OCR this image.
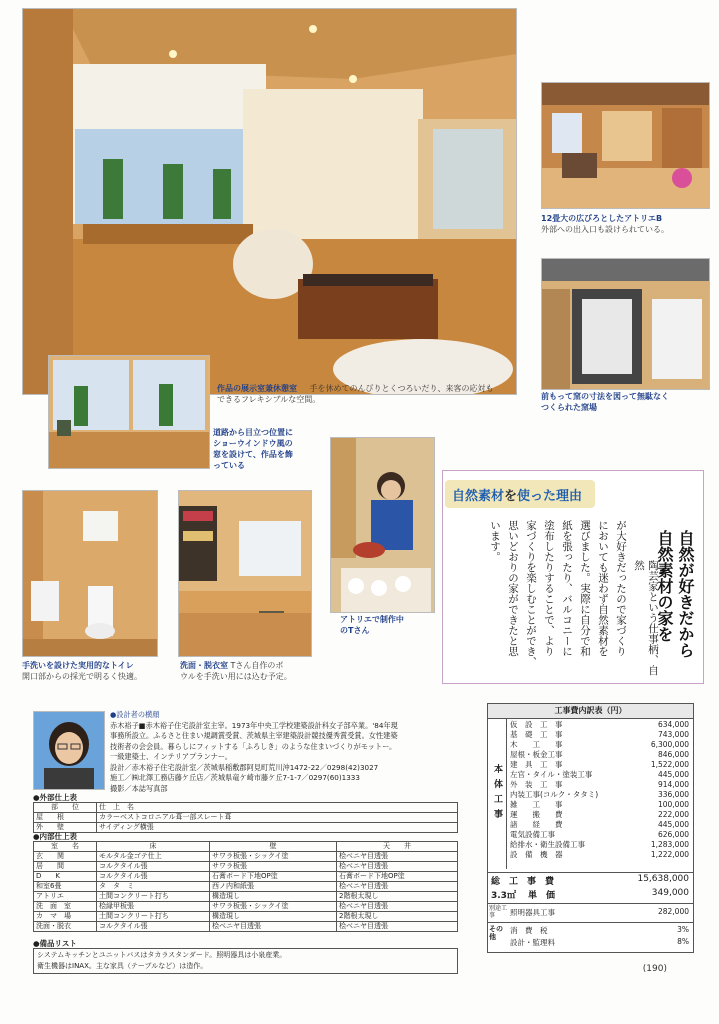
作品の展示室兼休憩室 手を休めてのんびりとくつろいだり、来客の応対も
できるフレキシブルな空間。
道路から目立つ位置に
ショーウインドウ風の
窓を設けて、作品を飾
っている
12畳大の広びろとしたアトリエB
外部への出入口も設けられている。
前もって窯の寸法を図って無駄なく
つくられた窯場
手洗いを設けた実用的なトイレ
開口部からの採光で明るく快適。
洗面・脱衣室 Tさん自作のボ
ウルを手洗い用には込む予定。
アトリエで制作中
のTさん
自然素材を使った理由
自然が好きだから
自然素材の家を
陶芸家という仕事柄、自然
が大好きだったので家づくり
においても迷わず自然素材を
選びました。実際に自分で和
紙を張ったり、バルコニーに
塗布したりすることで、より
家づくりを楽しむことができ、
思いどおりの家ができたと思
います。
●設計者の横顔
赤木裕子■赤木裕子住宅設計室主宰。1973年中央工学校建築設計科女子部卒業。'84年現
事務所設立。ふるさと住まい規調賞受賞、茨城県主宰建築設計競技優秀賞受賞。女性建築
技術者の会会員。暮らしにフィットする「ふろしき」のような住まいづくりがモットー。
一級建築士、インテリアプランナー。
設計／赤木裕子住宅設計室／茨城県稲敷郡阿見町荒川沖1472-22／0298(42)3027
施工／㈱北澤工務店藤ケ丘店／茨城県竜ケ崎市藤ケ丘7-1-7／0297(60)1333
撮影／本誌写真部
●外部仕上表
部　　位	仕　上　名
屋　　根	カラーベストコロニアル葺一部スレート葺
外　　壁	サイディング横張
●内部仕上表
室　　名	床	壁	天　　井
玄　　関	モルタル金ゴテ仕上	サワラ板張・シックイ塗	桧ベニヤ目透張
居　　間	コルクタイル張	サワラ板張	桧ベニヤ目透張
D　　K	コルクタイル張	石膏ボード下地OP塗	石膏ボード下地OP塗
和室6畳	タ　タ　ミ	西ノ内和紙張	桧ベニヤ目透張
アトリエ	土間コンクリート打ち	構造現し	2階根太現し
洗　面　室	桧縁甲板張	サワラ板張・シックイ塗	桧ベニヤ目透張
カ　マ　場	土間コンクリート打ち	構造現し	2階根太現し
洗面・脱衣	コルクタイル張	桧ベニヤ目透張	桧ベニヤ目透張
●備品リスト
システムキッチンとユニットバスはタカラスタンダード。照明器具は小泉産業。
衛生機器はINAX。主な家具（テーブルなど）は造作。
工事費内訳表（円）
本体工事
仮　設　工　事	634,000
基　礎　工　事	743,000
木　　工　　事	6,300,000
屋根・板金工事	846,000
建　具　工　事	1,522,000
左官・タイル・塗装工事	445,000
外　装　工　事	914,000
内装工事(コルク・タタミ)	336,000
雑　　工　　事	100,000
運　　搬　　費	222,000
諸　　経　　費	445,000
電気設備工事	626,000
給排水・衛生設備工事	1,283,000
設　備　機　器	1,222,000
総　工　事　費	15,638,000
3.3㎡ 単　価	349,000
別途工事	照明器具工事	282,000
その他
消　費　税	3%
設計・監理料	8%
(190)
